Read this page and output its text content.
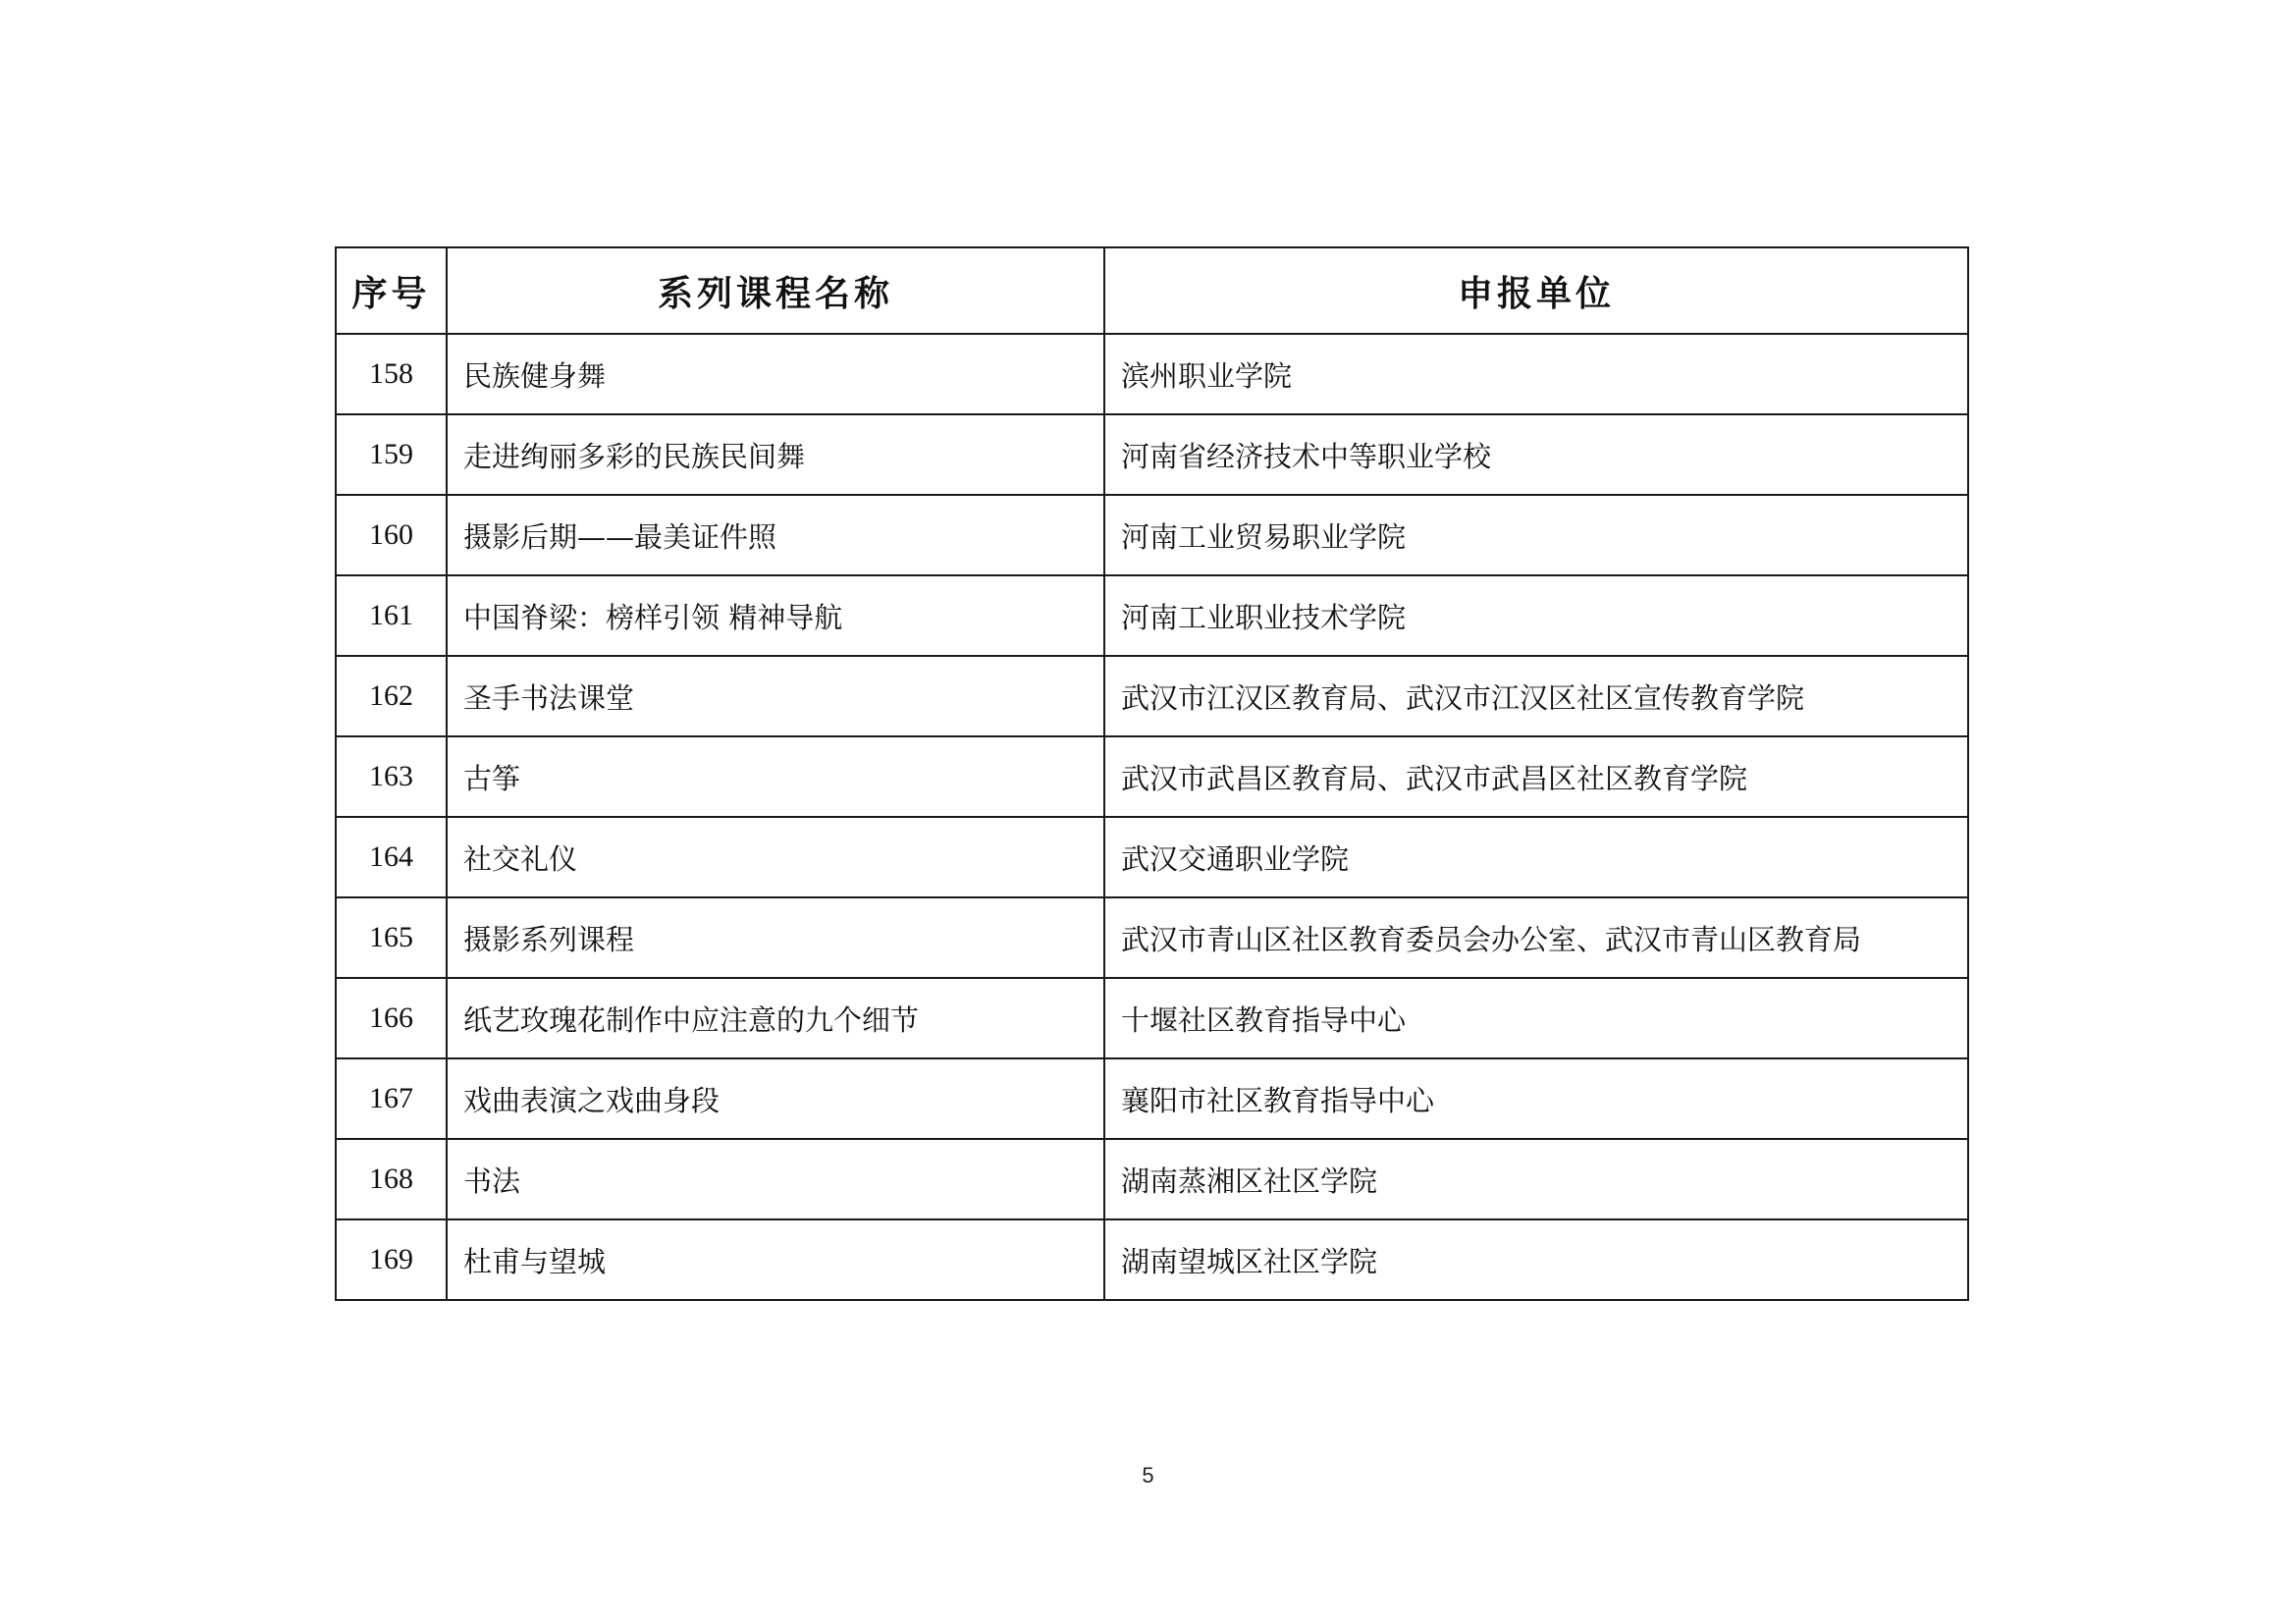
序号	系列课程名称	申报单位
158	民族健身舞	滨州职业学院
159	走进绚丽多彩的民族民间舞	河南省经济技术中等职业学校
160	摄影后期——最美证件照	河南工业贸易职业学院
161	中国脊梁：榜样引领 精神导航	河南工业职业技术学院
162	圣手书法课堂	武汉市江汉区教育局、武汉市江汉区社区宣传教育学院
163	古筝	武汉市武昌区教育局、武汉市武昌区社区教育学院
164	社交礼仪	武汉交通职业学院
165	摄影系列课程	武汉市青山区社区教育委员会办公室、武汉市青山区教育局
166	纸艺玫瑰花制作中应注意的九个细节	十堰社区教育指导中心
167	戏曲表演之戏曲身段	襄阳市社区教育指导中心
168	书法	湖南蒸湘区社区学院
169	杜甫与望城	湖南望城区社区学院
5
